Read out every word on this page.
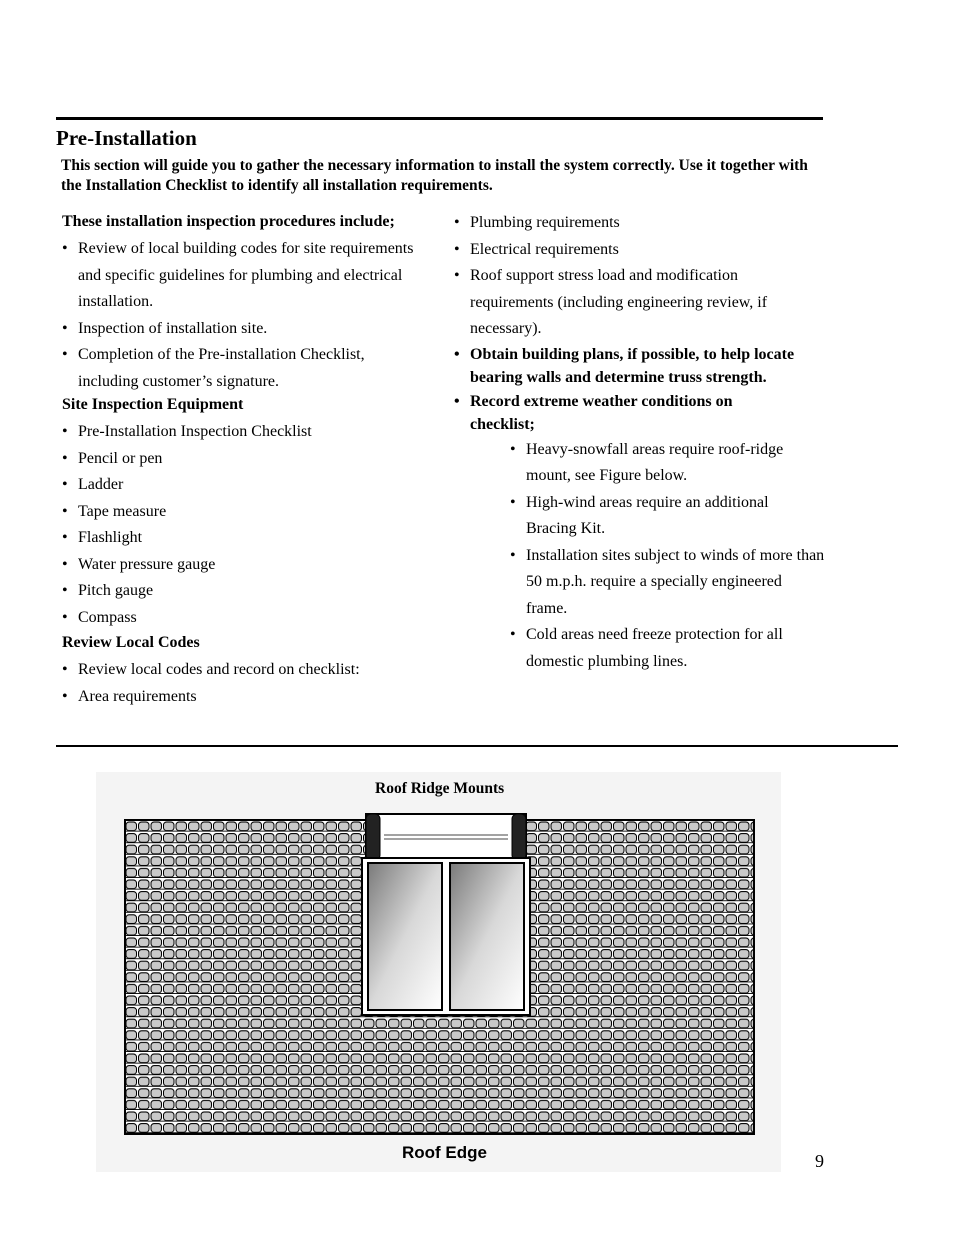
Pre-Installation

This section will guide you to gather the necessary information to install the system correctly. Use it together with the Installation Checklist to identify all installation requirements.

These installation inspection procedures include;
• Review of local building codes for site requirements and specific guidelines for plumbing and electrical installation.
• Inspection of installation site.
• Completion of the Pre-installation Checklist, including customer’s signature.
Site Inspection Equipment
• Pre-Installation Inspection Checklist
• Pencil or pen
• Ladder
• Tape measure
• Flashlight
• Water pressure gauge
• Pitch gauge
• Compass
Review Local Codes
• Review local codes and record on checklist:
• Area requirements
• Plumbing requirements
• Electrical requirements
• Roof support stress load and modification requirements (including engineering review, if necessary).
• Obtain building plans, if possible, to help locate bearing walls and determine truss strength.
• Record extreme weather conditions on checklist;
• Heavy-snowfall areas require roof-ridge mount, see Figure below.
• High-wind areas require an additional Bracing Kit.
• Installation sites subject to winds of more than 50 m.p.h. require a specially engineered frame.
• Cold areas need freeze protection for all domestic plumbing lines.
Roof Ridge Mounts
Roof Edge	9
